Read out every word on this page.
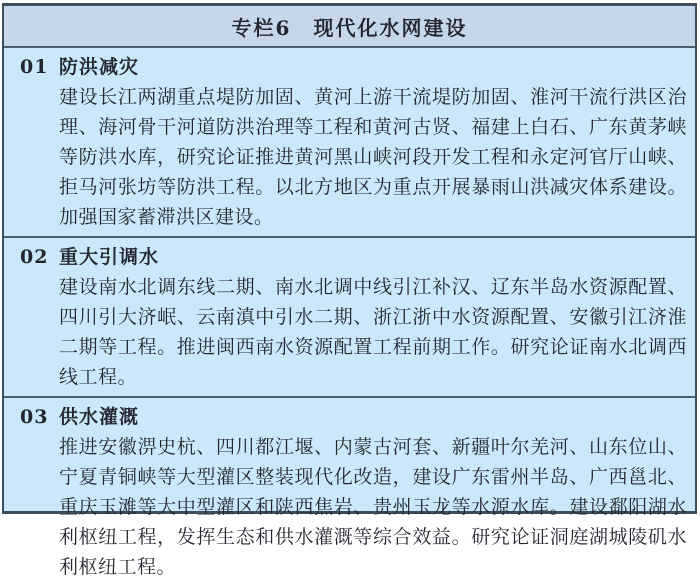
专栏6　现代化水网建设
01 防洪减灾
建设长江两湖重点堤防加固、黄河上游干流堤防加固、淮河干流行洪区治理、海河骨干河道防洪治理等工程和黄河古贤、福建上白石、广东黄茅峡等防洪水库，研究论证推进黄河黑山峡河段开发工程和永定河官厅山峡、拒马河张坊等防洪工程。以北方地区为重点开展暴雨山洪减灾体系建设。加强国家蓄滞洪区建设。
02 重大引调水
建设南水北调东线二期、南水北调中线引江补汉、辽东半岛水资源配置、四川引大济岷、云南滇中引水二期、浙江浙中水资源配置、安徽引江济淮二期等工程。推进闽西南水资源配置工程前期工作。研究论证南水北调西线工程。
03 供水灌溉
推进安徽淠史杭、四川都江堰、内蒙古河套、新疆叶尔羌河、山东位山、宁夏青铜峡等大型灌区整装现代化改造，建设广东雷州半岛、广西邕北、重庆玉滩等大中型灌区和陕西焦岩、贵州玉龙等水源水库。建设鄱阳湖水利枢纽工程，发挥生态和供水灌溉等综合效益。研究论证洞庭湖城陵矶水利枢纽工程。
